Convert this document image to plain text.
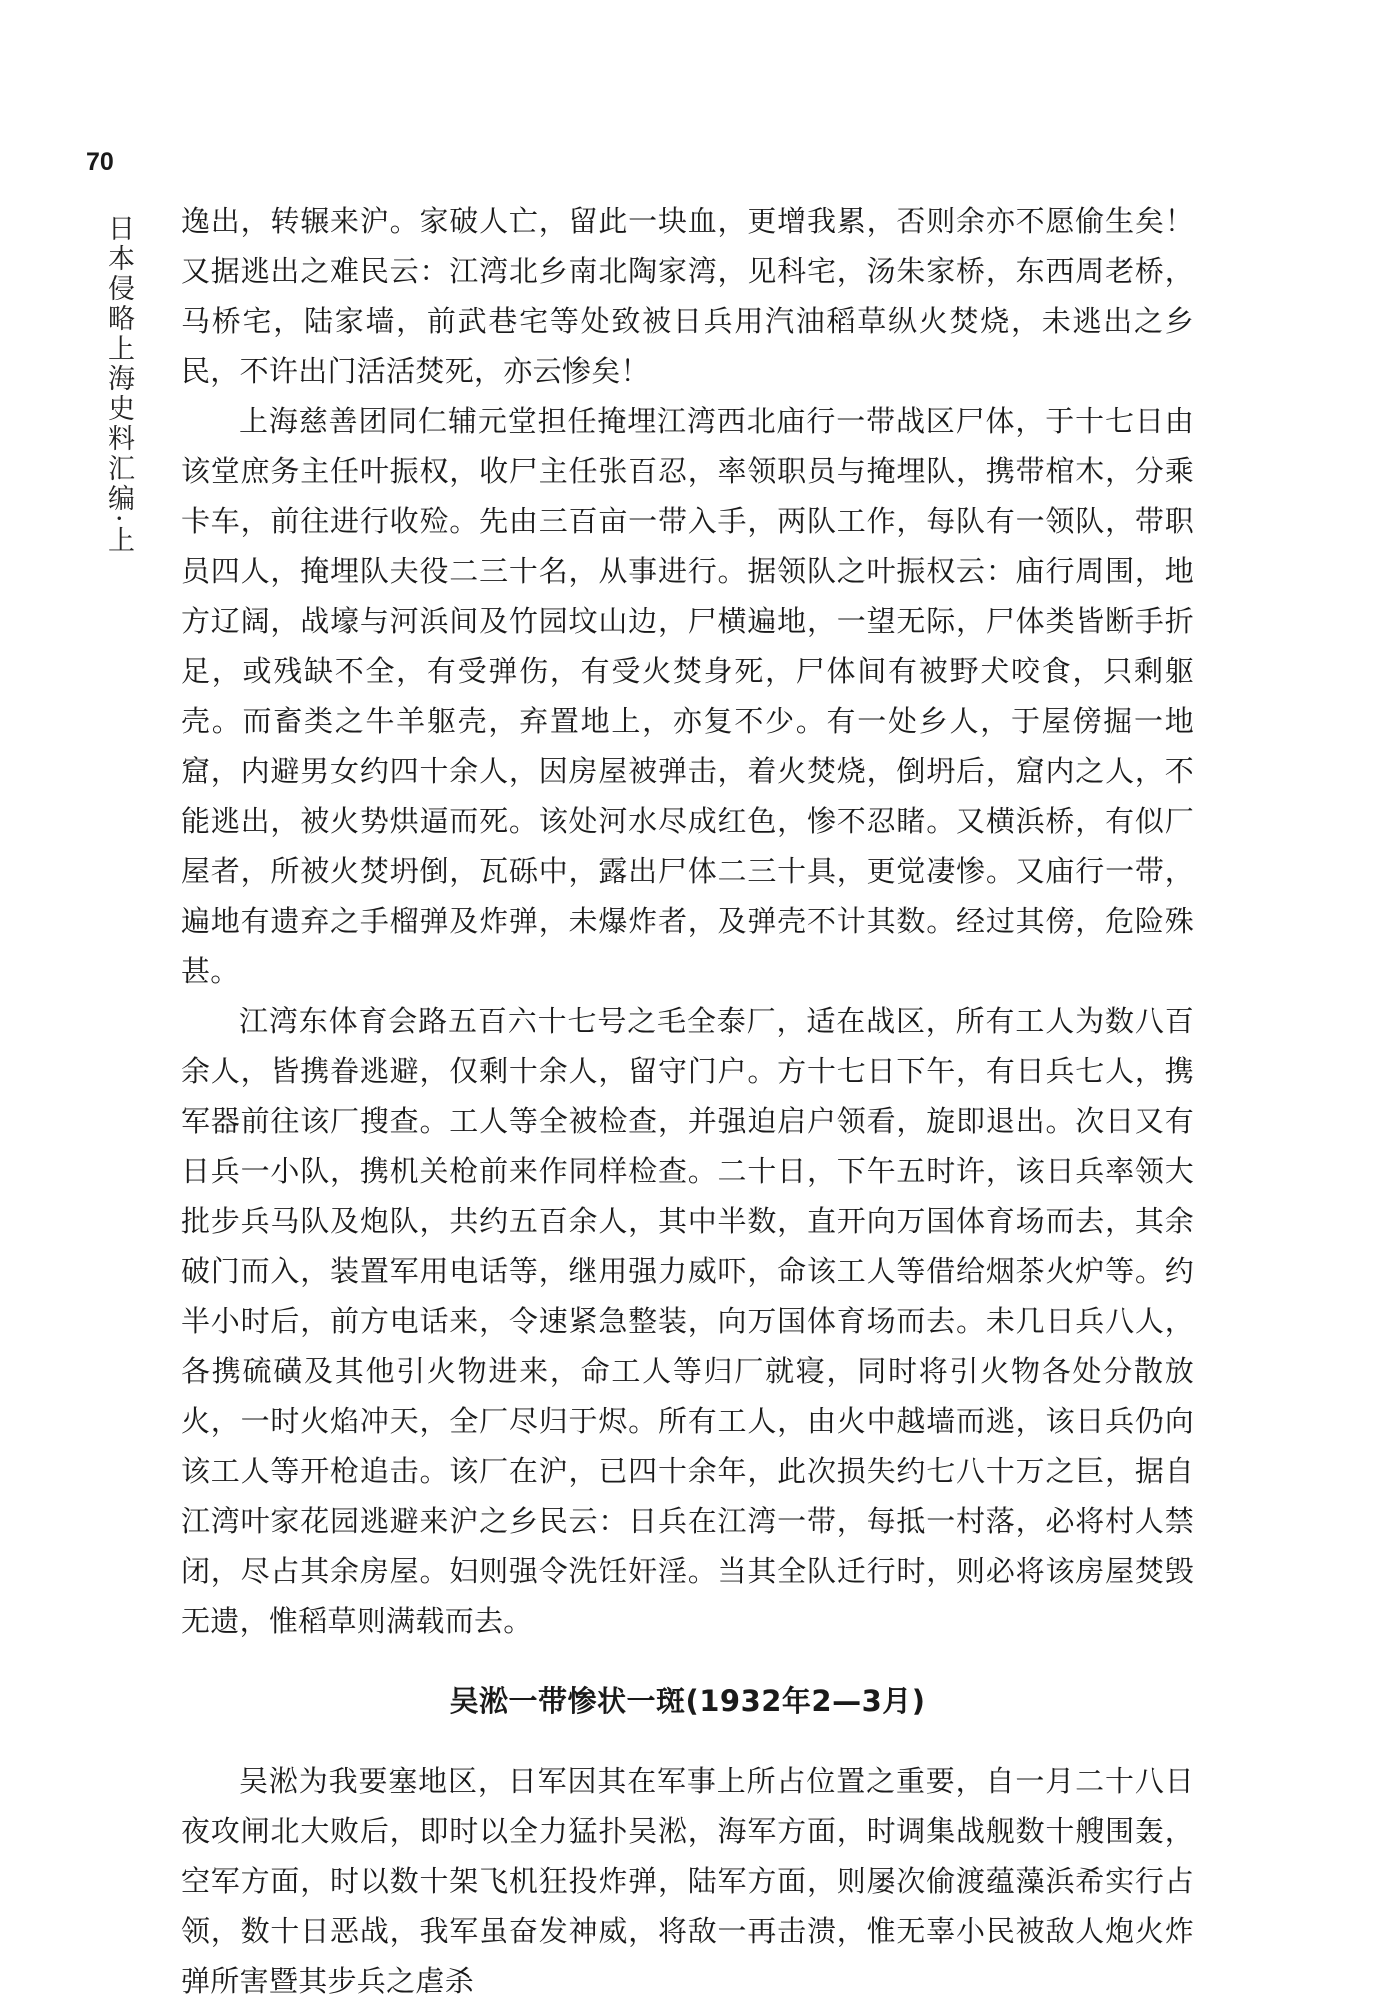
70
日本侵略上海史料汇编·上 逸出，转辗来沪。家破人亡，留此一块血，更增我累，否则余亦不愿偷生矣！又据逃出之难民云：江湾北乡南北陶家湾，见科宅，汤朱家桥，东西周老桥，马桥宅，陆家墙，前武巷宅等处致被日兵用汽油稻草纵火焚烧，未逃出之乡民，不许出门活活焚死，亦云惨矣！

上海慈善团同仁辅元堂担任掩埋江湾西北庙行一带战区尸体，于十七日由该堂庶务主任叶振权，收尸主任张百忍，率领职员与掩埋队，携带棺木，分乘卡车，前往进行收殓。先由三百亩一带入手，两队工作，每队有一领队，带职员四人，掩埋队夫役二三十名，从事进行。据领队之叶振权云：庙行周围，地方辽阔，战壕与河浜间及竹园坟山边，尸横遍地，一望无际，尸体类皆断手折足，或残缺不全，有受弹伤，有受火焚身死，尸体间有被野犬咬食，只剩躯壳。而畜类之牛羊躯壳，弃置地上，亦复不少。有一处乡人，于屋傍掘一地窟，内避男女约四十余人，因房屋被弹击，着火焚烧，倒坍后，窟内之人，不能逃出，被火势烘逼而死。该处河水尽成红色，惨不忍睹。又横浜桥，有似厂屋者，所被火焚坍倒，瓦砾中，露出尸体二三十具，更觉凄惨。又庙行一带，遍地有遗弃之手榴弹及炸弹，未爆炸者，及弹壳不计其数。经过其傍，危险殊甚。

江湾东体育会路五百六十七号之毛全泰厂，适在战区，所有工人为数八百余人，皆携眷逃避，仅剩十余人，留守门户。方十七日下午，有日兵七人，携军器前往该厂搜查。工人等全被检查，并强迫启户领看，旋即退出。次日又有日兵一小队，携机关枪前来作同样检查。二十日，下午五时许，该日兵率领大批步兵马队及炮队，共约五百余人，其中半数，直开向万国体育场而去，其余破门而入，装置军用电话等，继用强力威吓，命该工人等借给烟茶火炉等。约半小时后，前方电话来，令速紧急整装，向万国体育场而去。未几日兵八人，各携硫磺及其他引火物进来，命工人等归厂就寝，同时将引火物各处分散放火，一时火焰冲天，全厂尽归于烬。所有工人，由火中越墙而逃，该日兵仍向该工人等开枪追击。该厂在沪，已四十余年，此次损失约七八十万之巨，据自江湾叶家花园逃避来沪之乡民云：日兵在江湾一带，每抵一村落，必将村人禁闭，尽占其余房屋。妇则强令洗饪奸淫。当其全队迁行时，则必将该房屋焚毁无遗，惟稻草则满载而去。

吴淞一带惨状一斑(1932年2—3月)

吴淞为我要塞地区，日军因其在军事上所占位置之重要，自一月二十八日夜攻闸北大败后，即时以全力猛扑吴淞，海军方面，时调集战舰数十艘围轰，空军方面，时以数十架飞机狂投炸弹，陆军方面，则屡次偷渡蕴藻浜希实行占领，数十日恶战，我军虽奋发神威，将敌一再击溃，惟无辜小民被敌人炮火炸弹所害暨其步兵之虐杀
